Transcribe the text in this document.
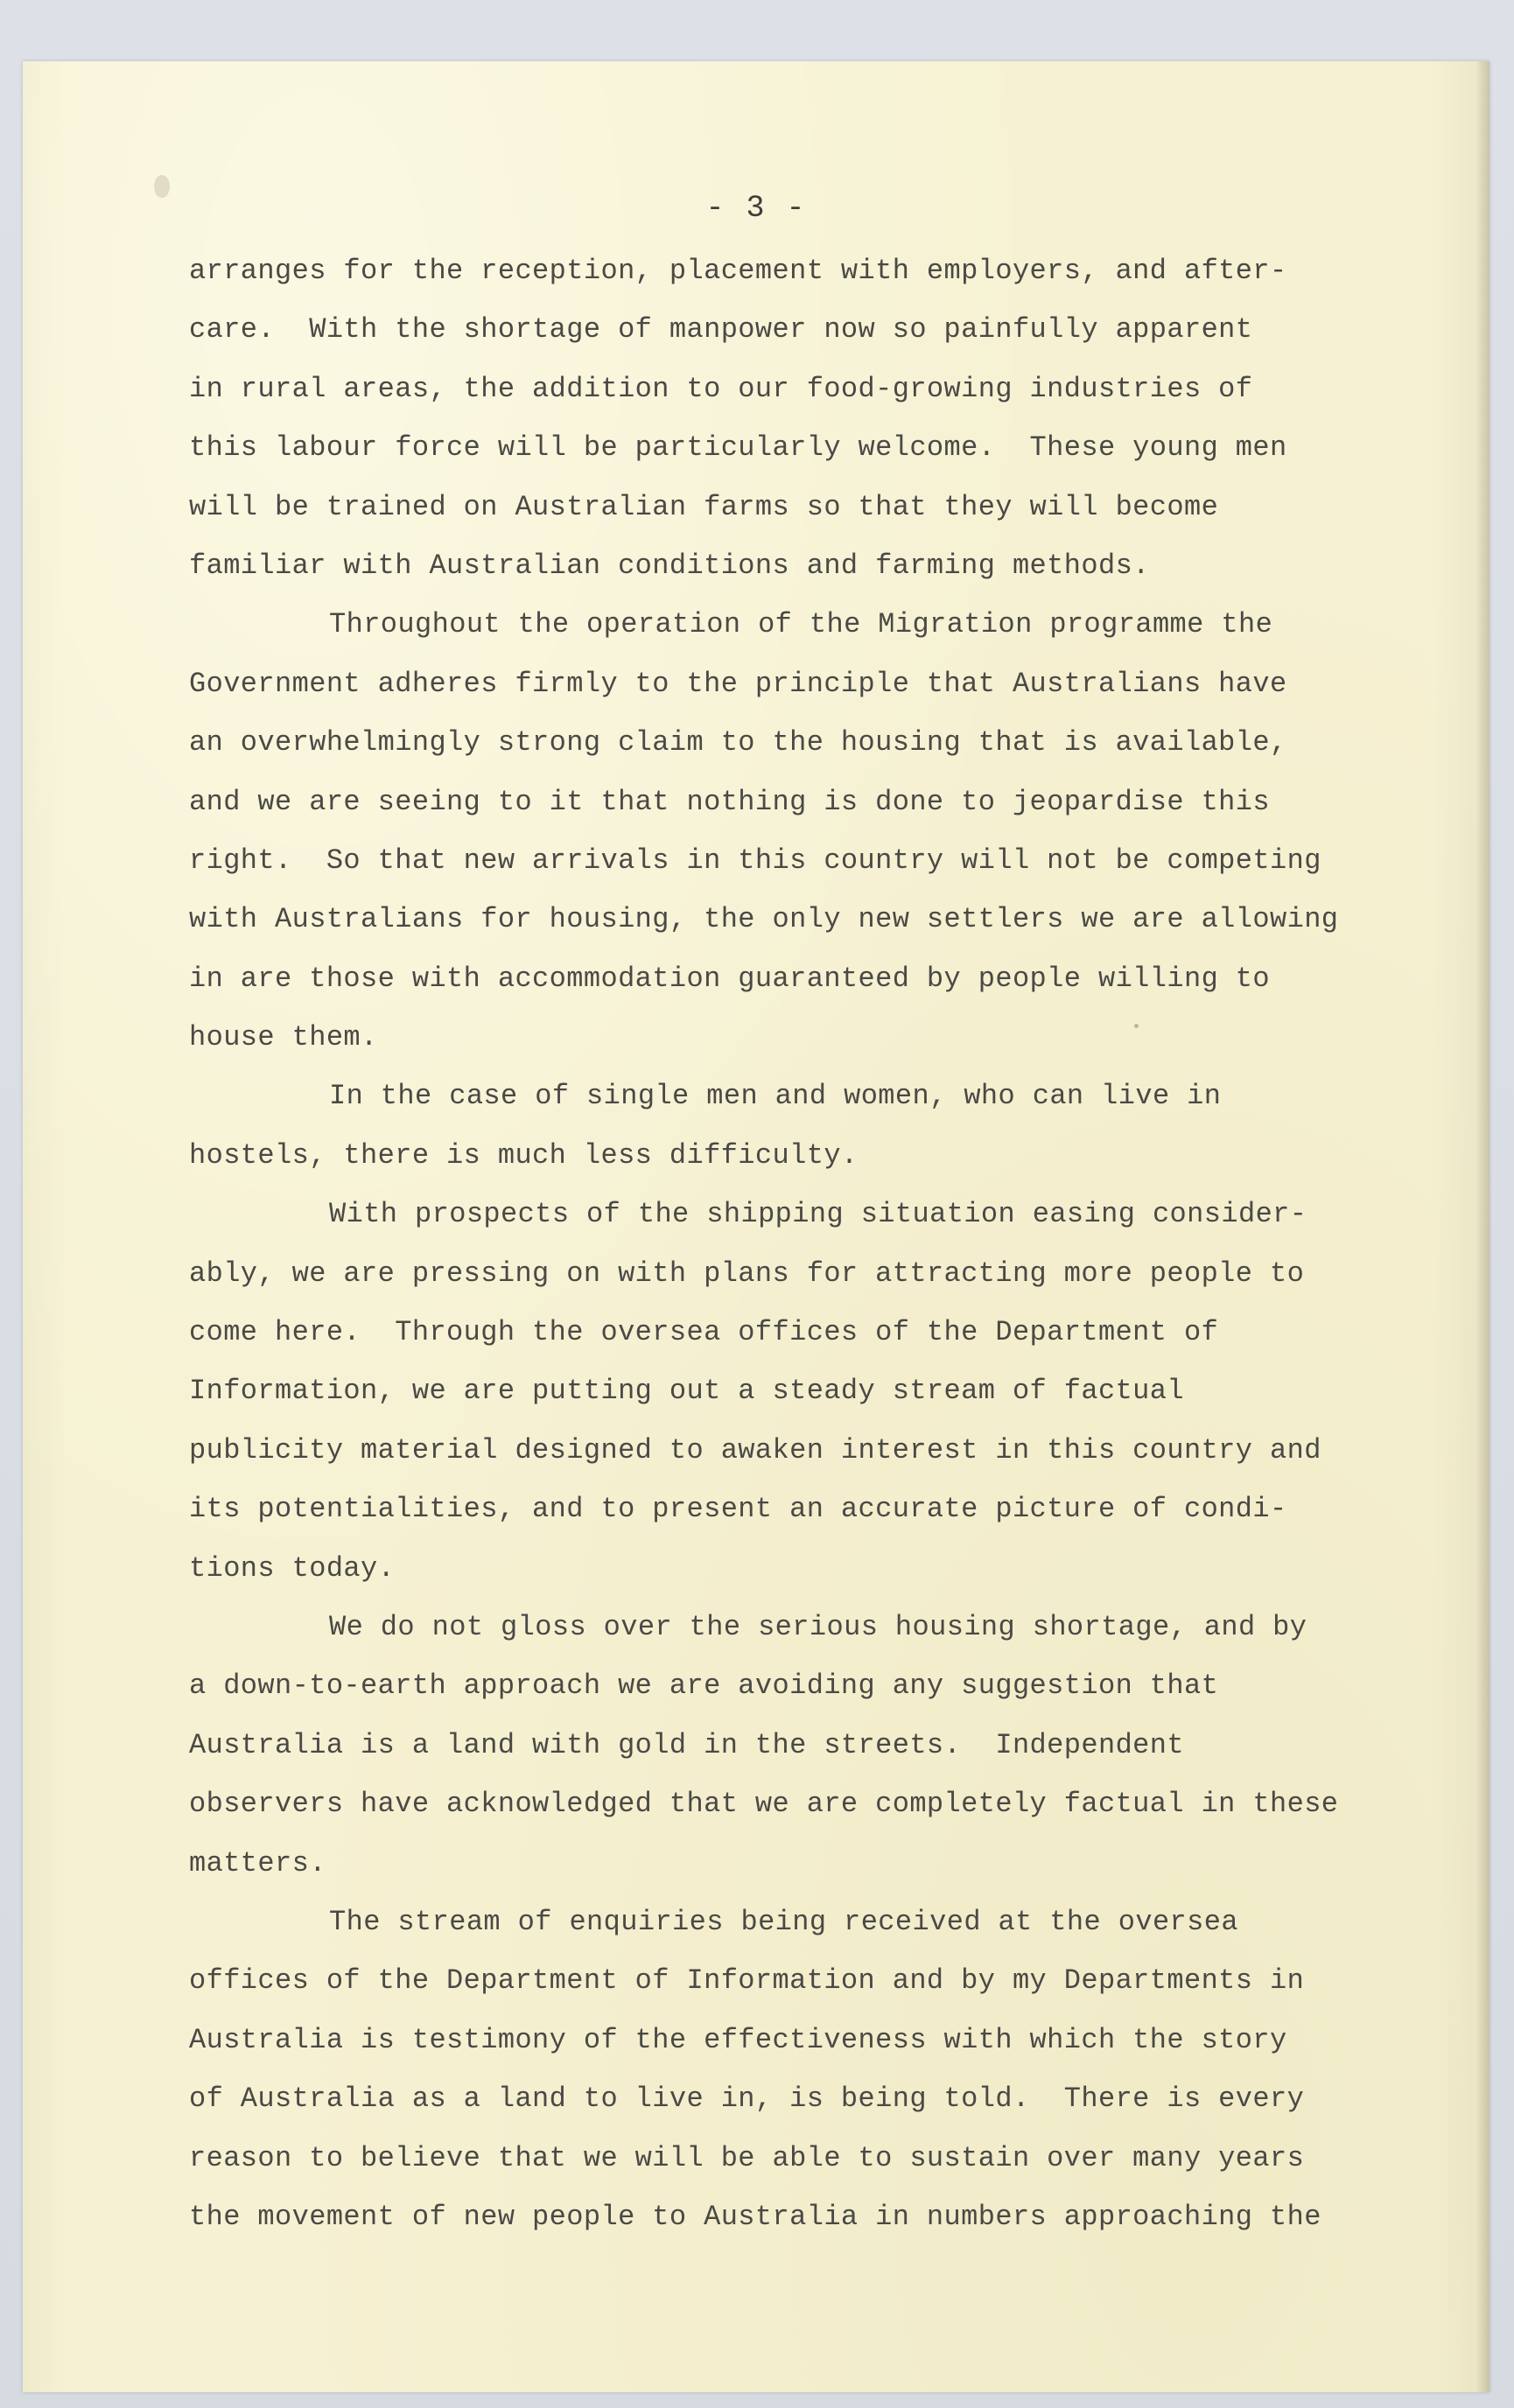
- 3 -
arranges for the reception, placement with employers, and after-
care.  With the shortage of manpower now so painfully apparent
in rural areas, the addition to our food-growing industries of
this labour force will be particularly welcome.  These young men
will be trained on Australian farms so that they will become
familiar with Australian conditions and farming methods.
Throughout the operation of the Migration programme the
Government adheres firmly to the principle that Australians have
an overwhelmingly strong claim to the housing that is available,
and we are seeing to it that nothing is done to jeopardise this
right.  So that new arrivals in this country will not be competing
with Australians for housing, the only new settlers we are allowing
in are those with accommodation guaranteed by people willing to
house them.
In the case of single men and women, who can live in
hostels, there is much less difficulty.
With prospects of the shipping situation easing consider-
ably, we are pressing on with plans for attracting more people to
come here.  Through the oversea offices of the Department of
Information, we are putting out a steady stream of factual
publicity material designed to awaken interest in this country and
its potentialities, and to present an accurate picture of condi-
tions today.
We do not gloss over the serious housing shortage, and by
a down-to-earth approach we are avoiding any suggestion that
Australia is a land with gold in the streets.  Independent
observers have acknowledged that we are completely factual in these
matters.
The stream of enquiries being received at the oversea
offices of the Department of Information and by my Departments in
Australia is testimony of the effectiveness with which the story
of Australia as a land to live in, is being told.  There is every
reason to believe that we will be able to sustain over many years
the movement of new people to Australia in numbers approaching the
